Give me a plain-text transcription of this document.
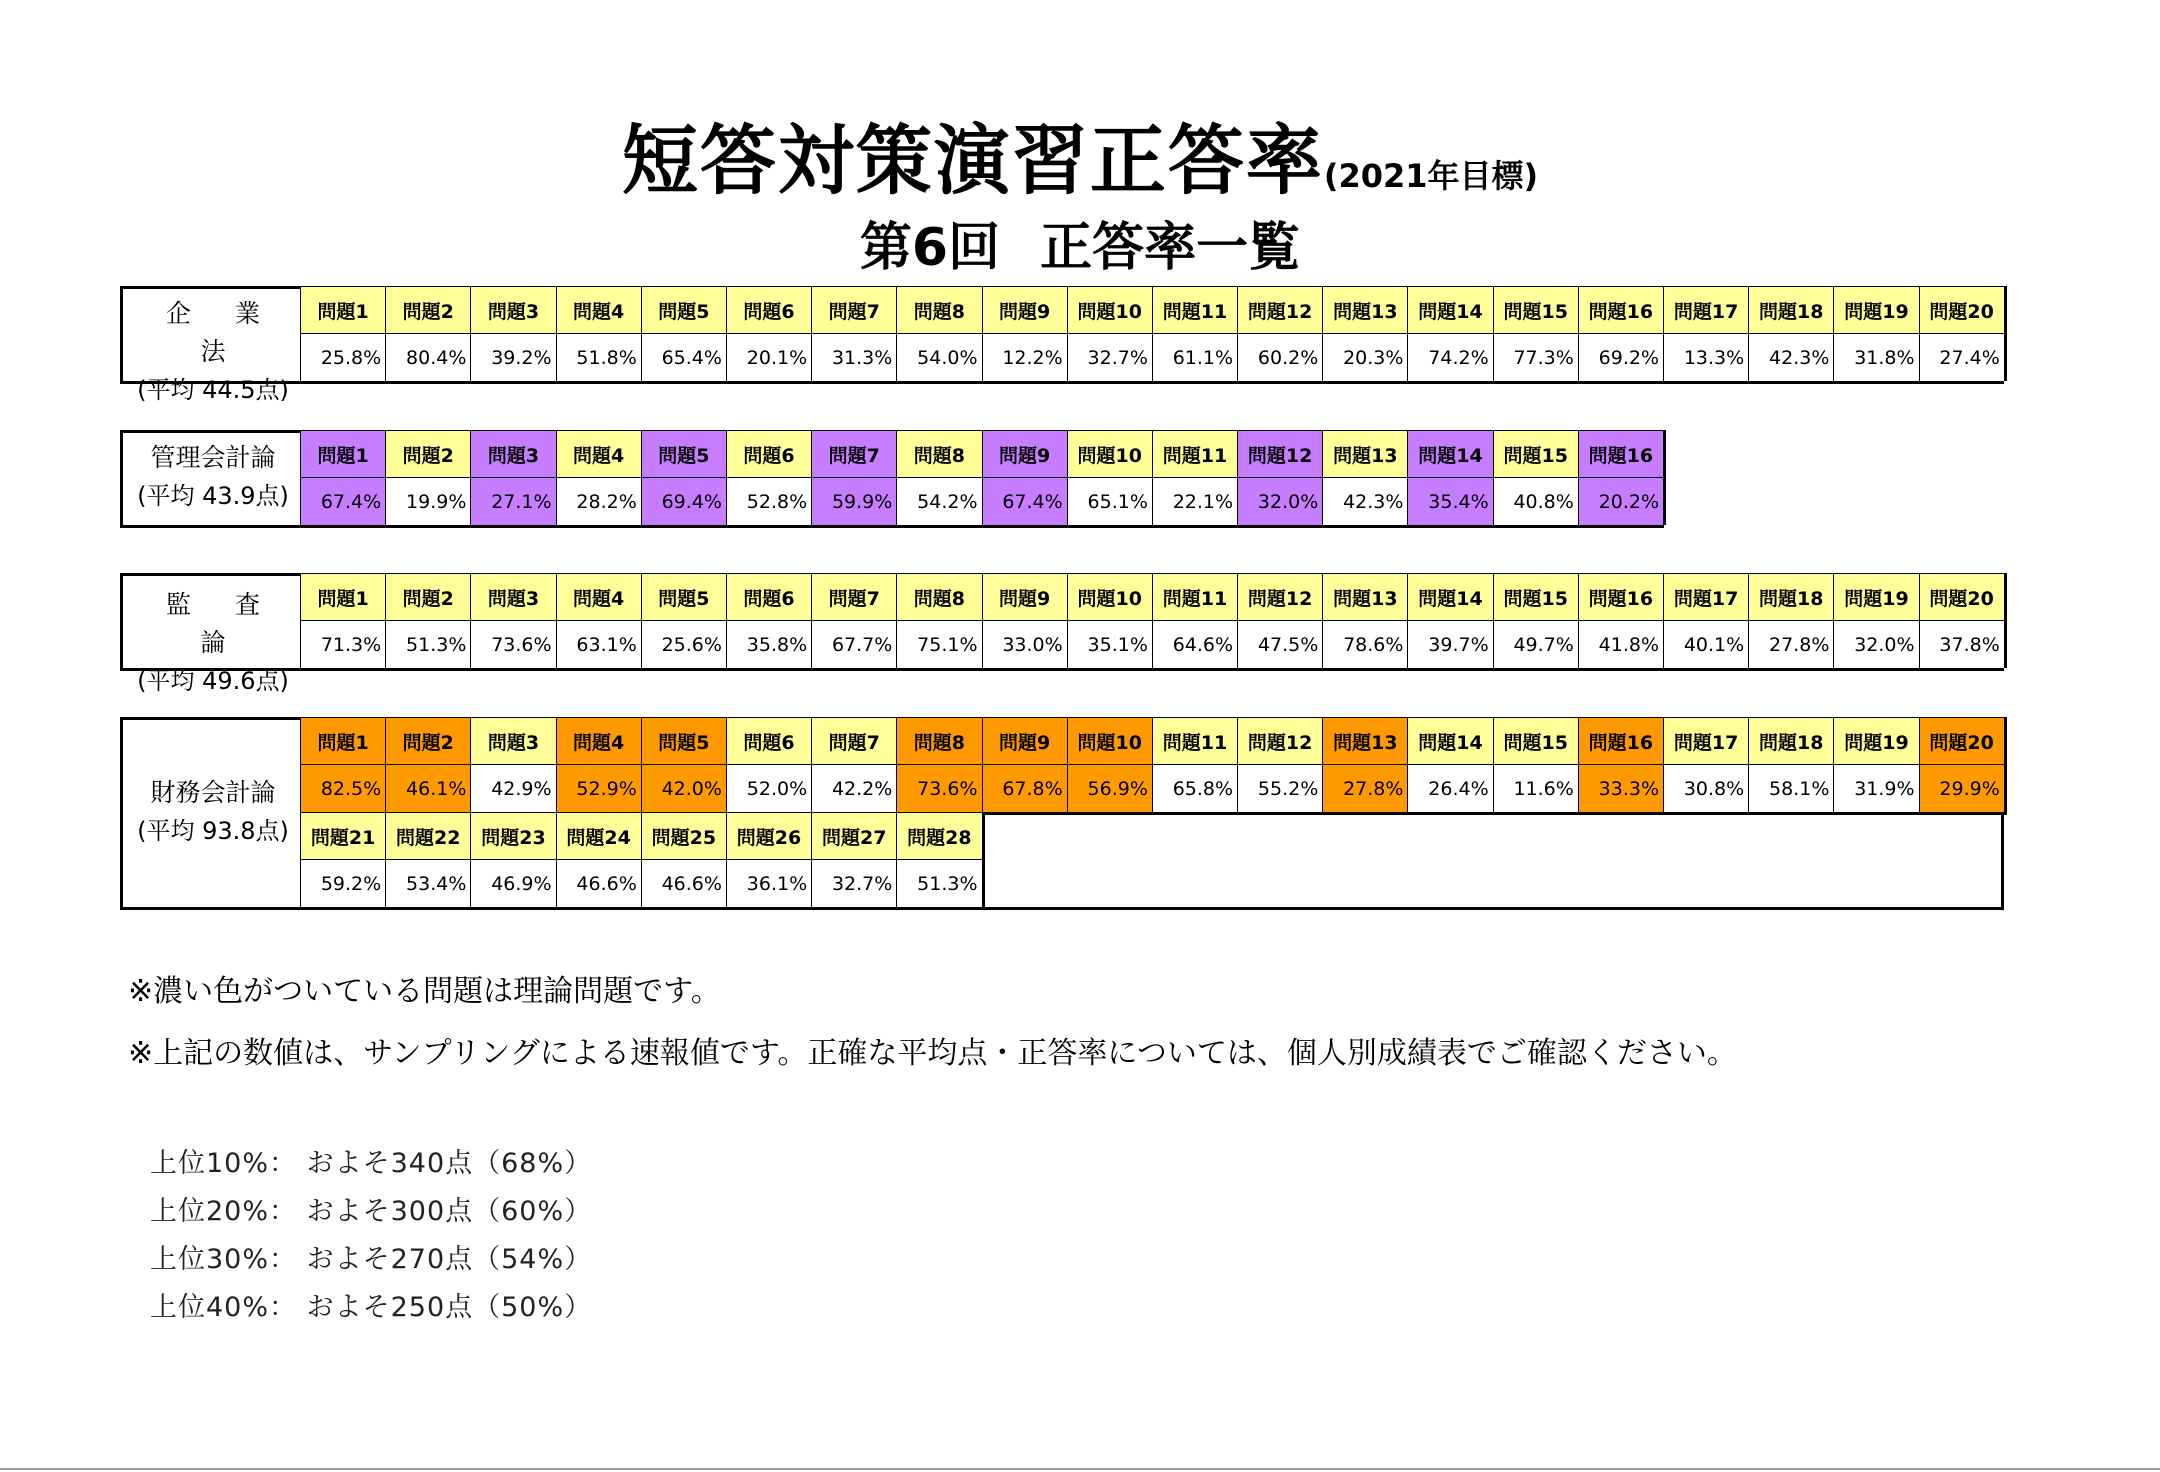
短答対策演習正答率(2021年目標)
第6回 正答率一覧
企 業 法
(平均 44.5点)
問題1	問題2	問題3	問題4	問題5	問題6	問題7	問題8	問題9	問題10	問題11	問題12	問題13	問題14	問題15	問題16	問題17	問題18	問題19	問題20
25.8%	80.4%	39.2%	51.8%	65.4%	20.1%	31.3%	54.0%	12.2%	32.7%	61.1%	60.2%	20.3%	74.2%	77.3%	69.2%	13.3%	42.3%	31.8%	27.4%
管理会計論
(平均 43.9点)
問題1	問題2	問題3	問題4	問題5	問題6	問題7	問題8	問題9	問題10	問題11	問題12	問題13	問題14	問題15	問題16
67.4%	19.9%	27.1%	28.2%	69.4%	52.8%	59.9%	54.2%	67.4%	65.1%	22.1%	32.0%	42.3%	35.4%	40.8%	20.2%
監 査 論
(平均 49.6点)
問題1	問題2	問題3	問題4	問題5	問題6	問題7	問題8	問題9	問題10	問題11	問題12	問題13	問題14	問題15	問題16	問題17	問題18	問題19	問題20
71.3%	51.3%	73.6%	63.1%	25.6%	35.8%	67.7%	75.1%	33.0%	35.1%	64.6%	47.5%	78.6%	39.7%	49.7%	41.8%	40.1%	27.8%	32.0%	37.8%
財務会計論
(平均 93.8点)
問題1	問題2	問題3	問題4	問題5	問題6	問題7	問題8	問題9	問題10	問題11	問題12	問題13	問題14	問題15	問題16	問題17	問題18	問題19	問題20
82.5%	46.1%	42.9%	52.9%	42.0%	52.0%	42.2%	73.6%	67.8%	56.9%	65.8%	55.2%	27.8%	26.4%	11.6%	33.3%	30.8%	58.1%	31.9%	29.9%
問題21	問題22	問題23	問題24	問題25	問題26	問題27	問題28
59.2%	53.4%	46.9%	46.6%	46.6%	36.1%	32.7%	51.3%
※濃い色がついている問題は理論問題です。
※上記の数値は、サンプリングによる速報値です。正確な平均点・正答率については、個人別成績表でご確認ください。
上位10%： およそ340点（68%）
上位20%： およそ300点（60%）
上位30%： およそ270点（54%）
上位40%： およそ250点（50%）
